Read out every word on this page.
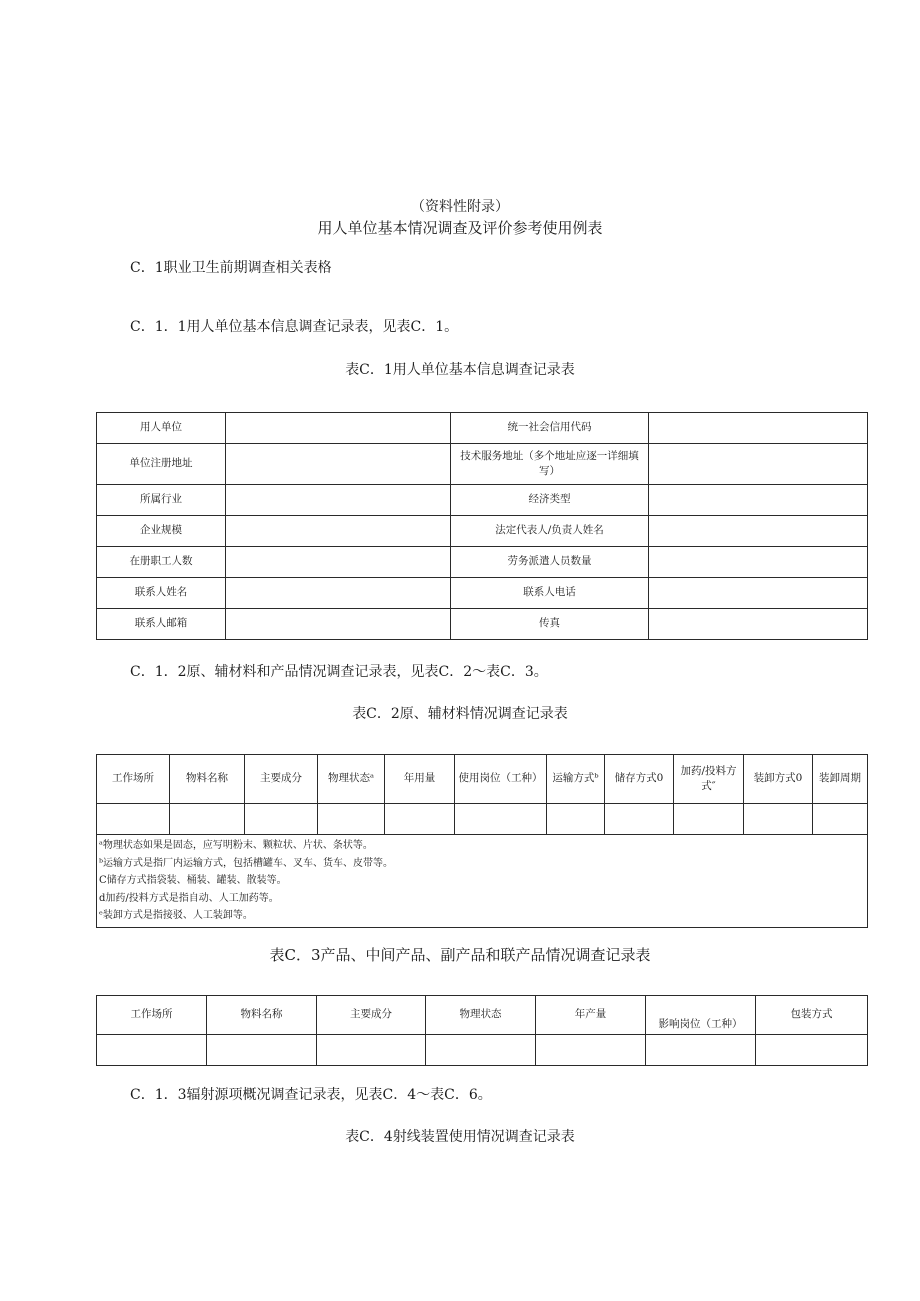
（资料性附录）
用人单位基本情况调查及评价参考使用例表
C．1职业卫生前期调查相关表格
C．1．1用人单位基本信息调查记录表，见表C．1。
表C．1用人单位基本信息调查记录表
用人单位		统一社会信用代码	
单位注册地址		技术服务地址（多个地址应逐一详细填写）	
所属行业		经济类型	
企业规模		法定代表人/负责人姓名	
在册职工人数		劳务派遣人员数量	
联系人姓名		联系人电话	
联系人邮箱		传真	
C．1．2原、辅材料和产品情况调查记录表，见表C．2～表C．3。
表C．2原、辅材料情况调查记录表
工作场所	物料名称	主要成分	物理状态ᵃ	年用量	使用岗位（工种）	运输方式ᵇ	储存方式0	加药/投料方式″	装卸方式0	装卸周期

ᵃ物理状态如果是固态，应写明粉末、颗粒状、片状、条状等。
ᵇ运输方式是指厂内运输方式，包括槽罐车、叉车、货车、皮带等。
C储存方式指袋装、桶装、罐装、散装等。
d加药/投料方式是指自动、人工加药等。
ᵉ装卸方式是指接驳、人工装卸等。										
表C．3产品、中间产品、副产品和联产品情况调查记录表
工作场所	物料名称	主要成分	物理状态	年产量	影响岗位（工种）	包装方式

C．1．3辐射源项概况调查记录表，见表C．4～表C．6。
表C．4射线装置使用情况调查记录表
